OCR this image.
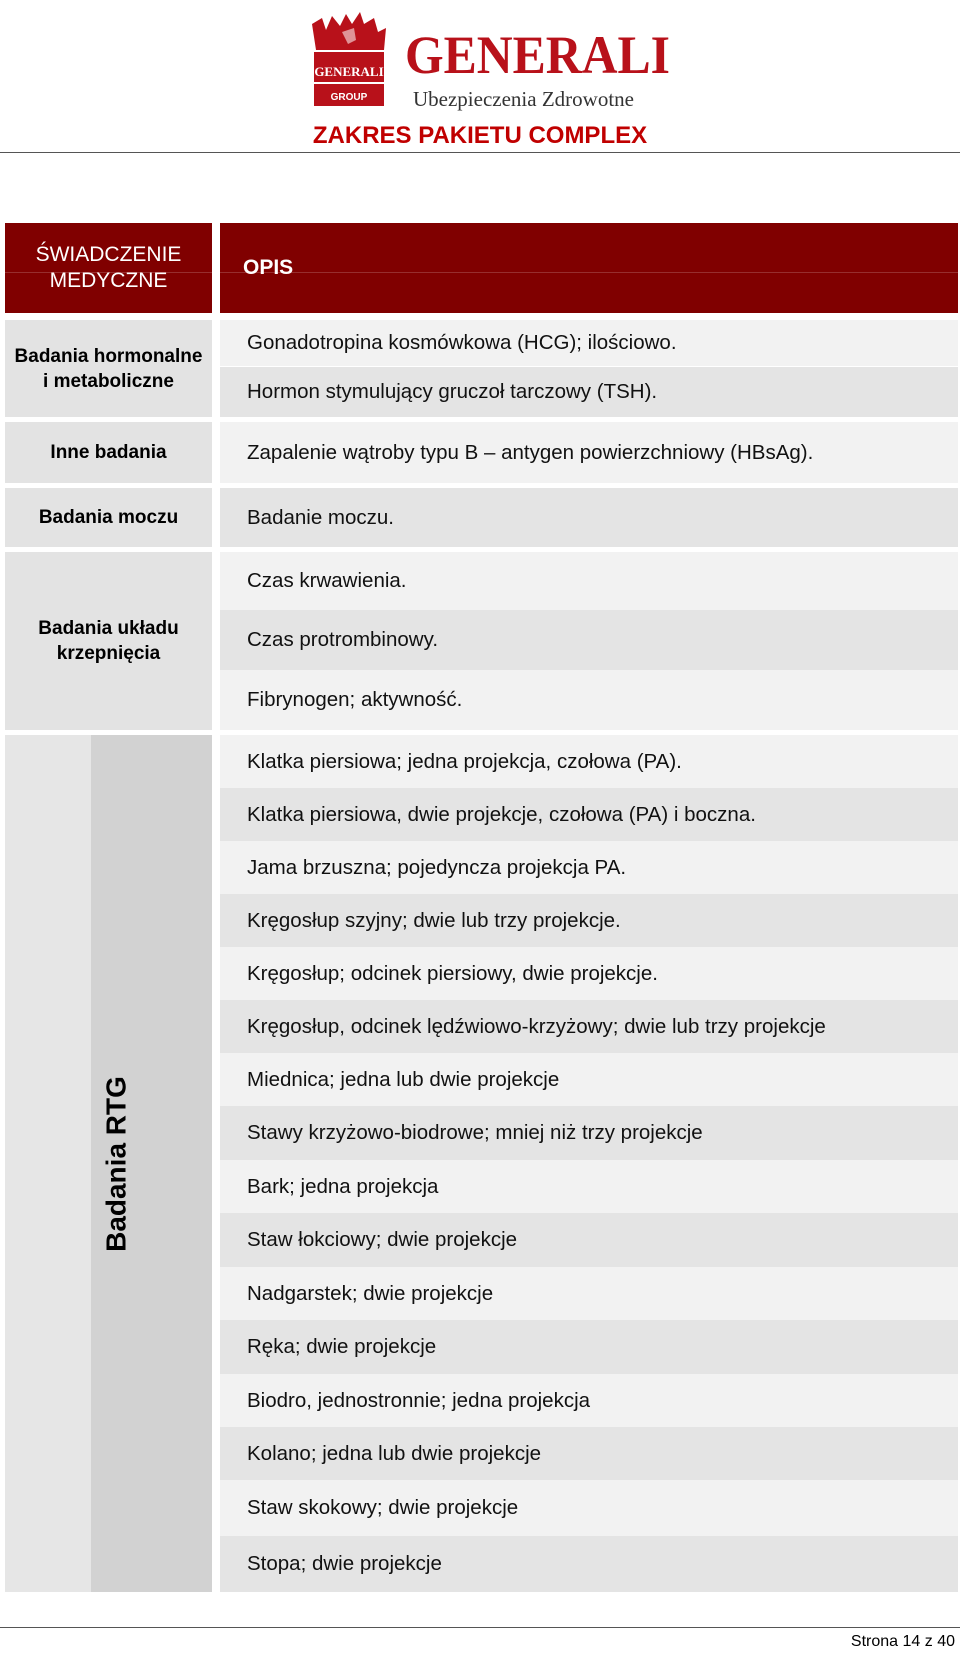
GENERALI
GROUP
GENERALI
Ubezpieczenia Zdrowotne
ZAKRES PAKIETU COMPLEX
ŚWIADCZENIE MEDYCZNE
OPIS
Badania hormonalne i metaboliczne
Inne badania
Badania moczu
Badania układu krzepnięcia
Badania RTG
Gonadotropina kosmówkowa (HCG); ilościowo.
Hormon stymulujący gruczoł tarczowy (TSH).
Zapalenie wątroby typu B – antygen powierzchniowy (HBsAg).
Badanie moczu.
Czas krwawienia.
Czas protrombinowy.
Fibrynogen; aktywność.
Klatka piersiowa; jedna projekcja, czołowa (PA).
Klatka piersiowa, dwie projekcje, czołowa (PA) i boczna.
Jama brzuszna; pojedyncza projekcja PA.
Kręgosłup szyjny; dwie lub trzy projekcje.
Kręgosłup; odcinek piersiowy, dwie projekcje.
Kręgosłup, odcinek lędźwiowo-krzyżowy; dwie lub trzy projekcje
Miednica; jedna lub dwie projekcje
Stawy krzyżowo-biodrowe; mniej niż trzy projekcje
Bark; jedna projekcja
Staw łokciowy; dwie projekcje
Nadgarstek; dwie projekcje
Ręka; dwie projekcje
Biodro, jednostronnie; jedna projekcja
Kolano; jedna lub dwie projekcje
Staw skokowy; dwie projekcje
Stopa; dwie projekcje
Strona 14 z 40
